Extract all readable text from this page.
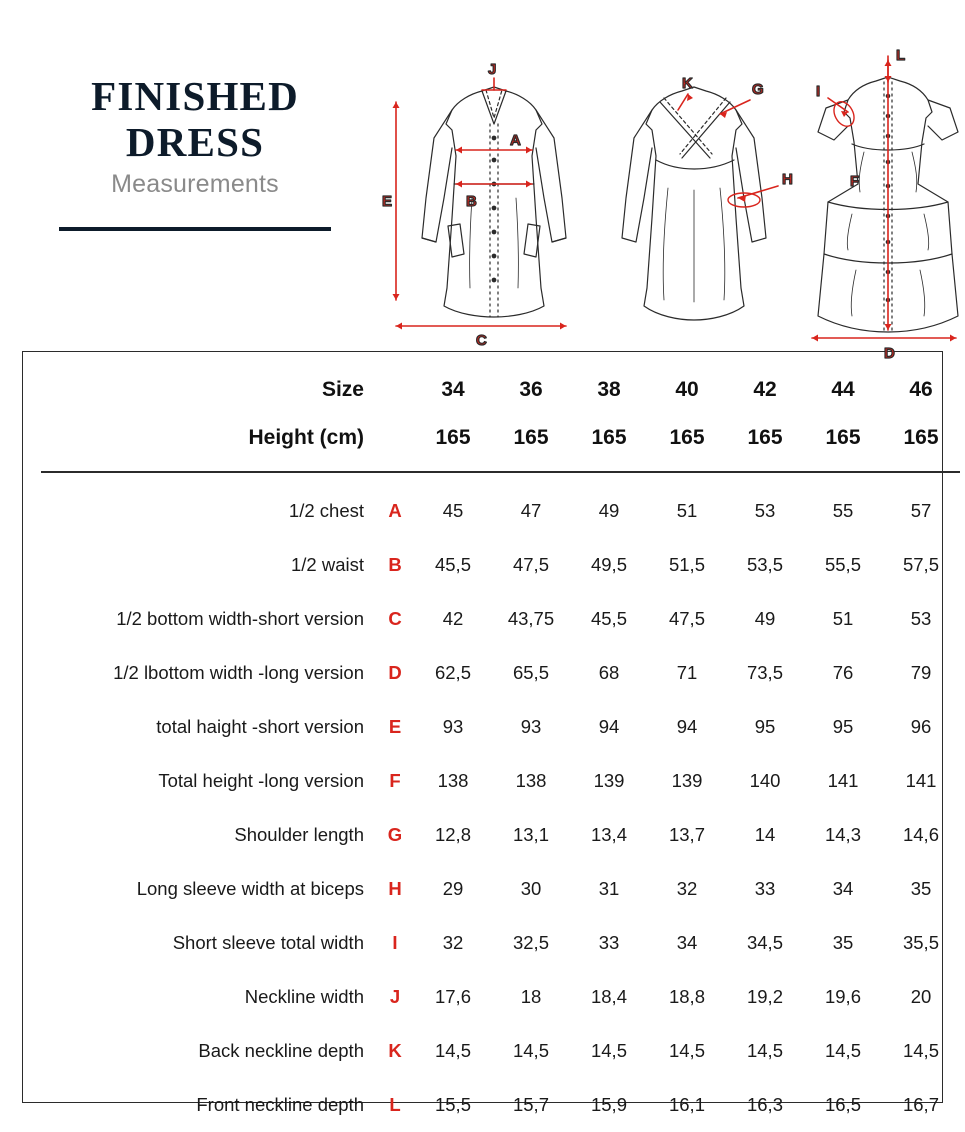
FINISHED
DRESS
Measurements
J
A
B
E
C
K	G
H
L
I
F
D
Size		34	36	38	40	42	44	46
Height (cm)		165	165	165	165	165	165	165

1/2 chest	A	45	47	49	51	53	55	57
1/2 waist	B	45,5	47,5	49,5	51,5	53,5	55,5	57,5
1/2 bottom width-short version	C	42	43,75	45,5	47,5	49	51	53
1/2 lbottom width -long version	D	62,5	65,5	68	71	73,5	76	79
total haight -short version	E	93	93	94	94	95	95	96
Total height -long version	F	138	138	139	139	140	141	141
Shoulder length	G	12,8	13,1	13,4	13,7	14	14,3	14,6
Long sleeve width at biceps	H	29	30	31	32	33	34	35
Short sleeve total width	I	32	32,5	33	34	34,5	35	35,5
Neckline width	J	17,6	18	18,4	18,8	19,2	19,6	20
Back neckline depth	K	14,5	14,5	14,5	14,5	14,5	14,5	14,5
Front neckline depth	L	15,5	15,7	15,9	16,1	16,3	16,5	16,7
